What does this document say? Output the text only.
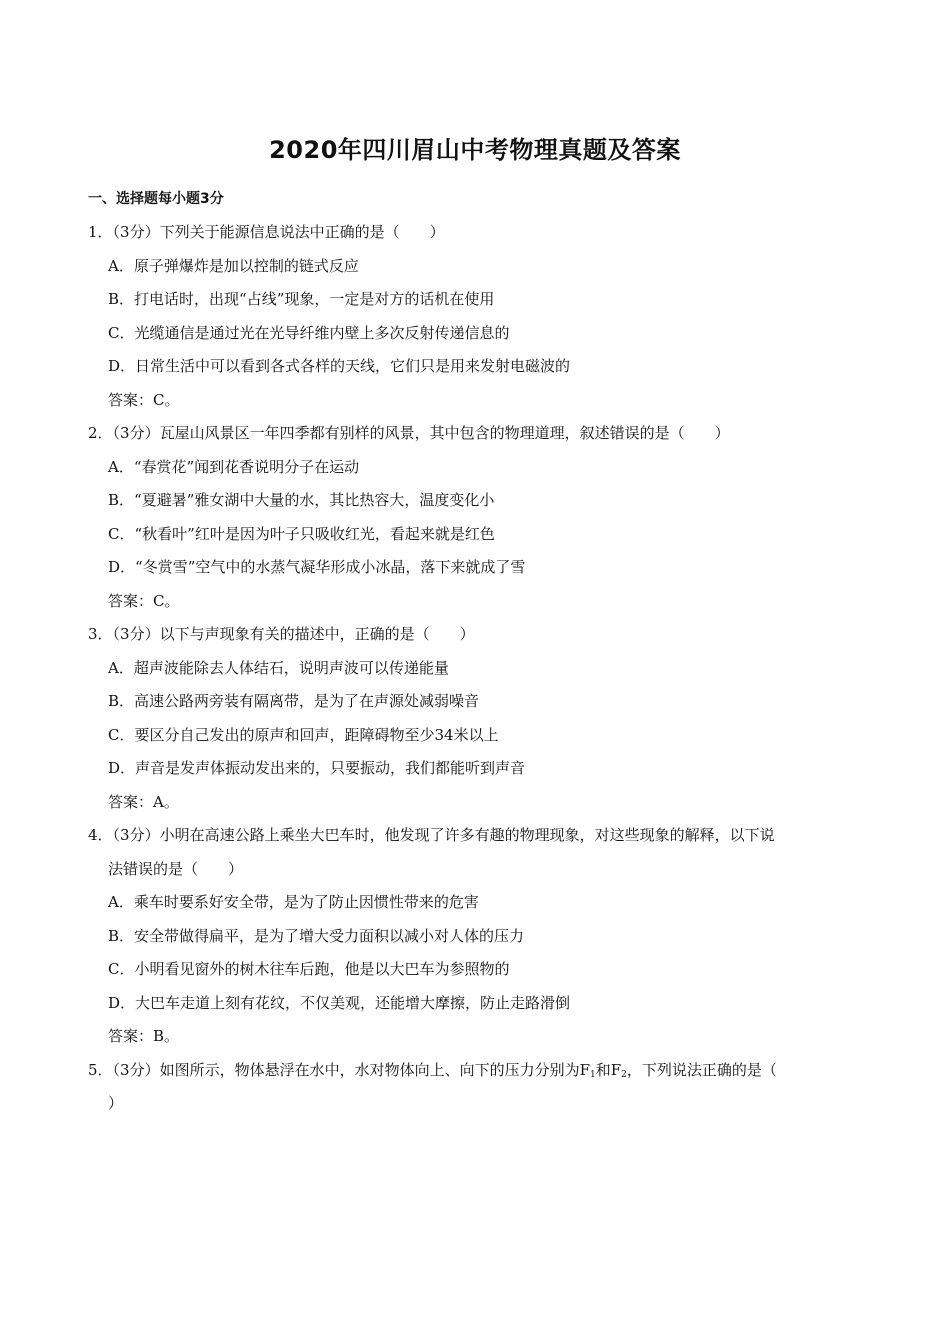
2020年四川眉山中考物理真题及答案
一、选择题每小题3分
1．（3分）下列关于能源信息说法中正确的是（　　）
A．原子弹爆炸是加以控制的链式反应
B．打电话时，出现“占线”现象，一定是对方的话机在使用
C．光缆通信是通过光在光导纤维内壁上多次反射传递信息的
D．日常生活中可以看到各式各样的天线，它们只是用来发射电磁波的
答案：C。
2．（3分）瓦屋山风景区一年四季都有别样的风景，其中包含的物理道理，叙述错误的是（　　）
A．“春赏花”闻到花香说明分子在运动
B．“夏避暑”雅女湖中大量的水，其比热容大，温度变化小
C．“秋看叶”红叶是因为叶子只吸收红光，看起来就是红色
D．“冬赏雪”空气中的水蒸气凝华形成小冰晶，落下来就成了雪
答案：C。
3．（3分）以下与声现象有关的描述中，正确的是（　　）
A．超声波能除去人体结石，说明声波可以传递能量
B．高速公路两旁装有隔离带，是为了在声源处减弱噪音
C．要区分自己发出的原声和回声，距障碍物至少34米以上
D．声音是发声体振动发出来的，只要振动，我们都能听到声音
答案：A。
4．（3分）小明在高速公路上乘坐大巴车时，他发现了许多有趣的物理现象，对这些现象的解释，以下说
法错误的是（　　）
A．乘车时要系好安全带，是为了防止因惯性带来的危害
B．安全带做得扁平，是为了增大受力面积以减小对人体的压力
C．小明看见窗外的树木往车后跑，他是以大巴车为参照物的
D．大巴车走道上刻有花纹，不仅美观，还能增大摩擦，防止走路滑倒
答案：B。
5．（3分）如图所示，物体悬浮在水中，水对物体向上、向下的压力分别为$F_1$和$F_2$，下列说法正确的是（
）
